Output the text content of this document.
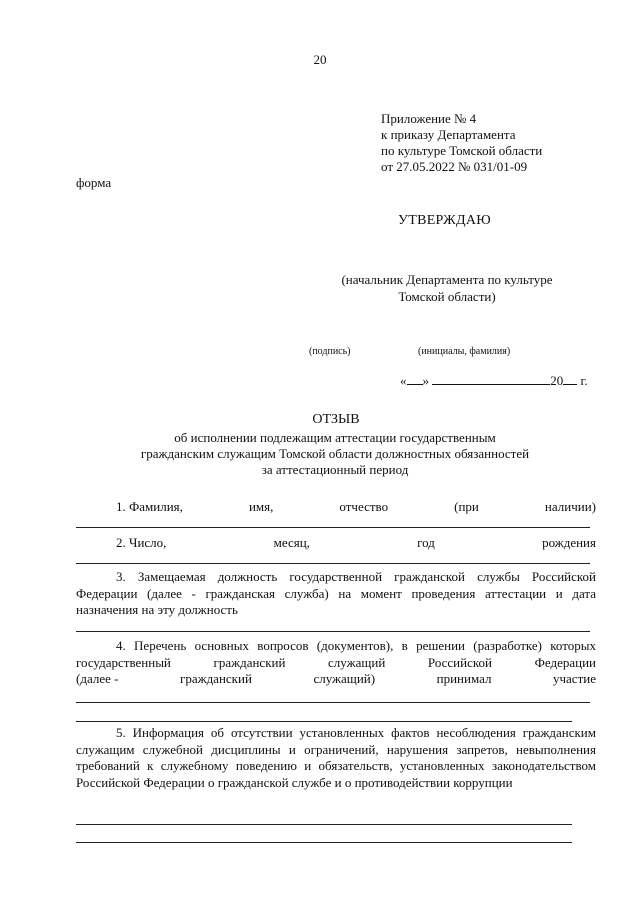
20
Приложение № 4
к приказу Департамента
по культуре Томской области
от 27.05.2022 № 031/01-09
форма
УТВЕРЖДАЮ
(начальник Департамента по культуре Томской области)
(подпись)	(инициалы, фамилия)
« »	20 г.
ОТЗЫВ
об исполнении подлежащим аттестации государственным гражданским служащим Томской области должностных обязанностей за аттестационный период
1. Фамилия,	имя,	отчество	(при	наличии)
2. Число,	месяц,	год	рождения
3. Замещаемая должность государственной гражданской службы Российской Федерации (далее - гражданская служба) на момент проведения аттестации и дата назначения на эту должность
4. Перечень основных вопросов (документов), в решении (разработке) которых государственный гражданский служащий Российской Федерации
(далее -	гражданский	служащий)	принимал	участие
5. Информация об отсутствии установленных фактов несоблюдения гражданским служащим служебной дисциплины и ограничений, нарушения запретов, невыполнения требований к служебному поведению и обязательств, установленных законодательством Российской Федерации о гражданской службе и о противодействии коррупции
